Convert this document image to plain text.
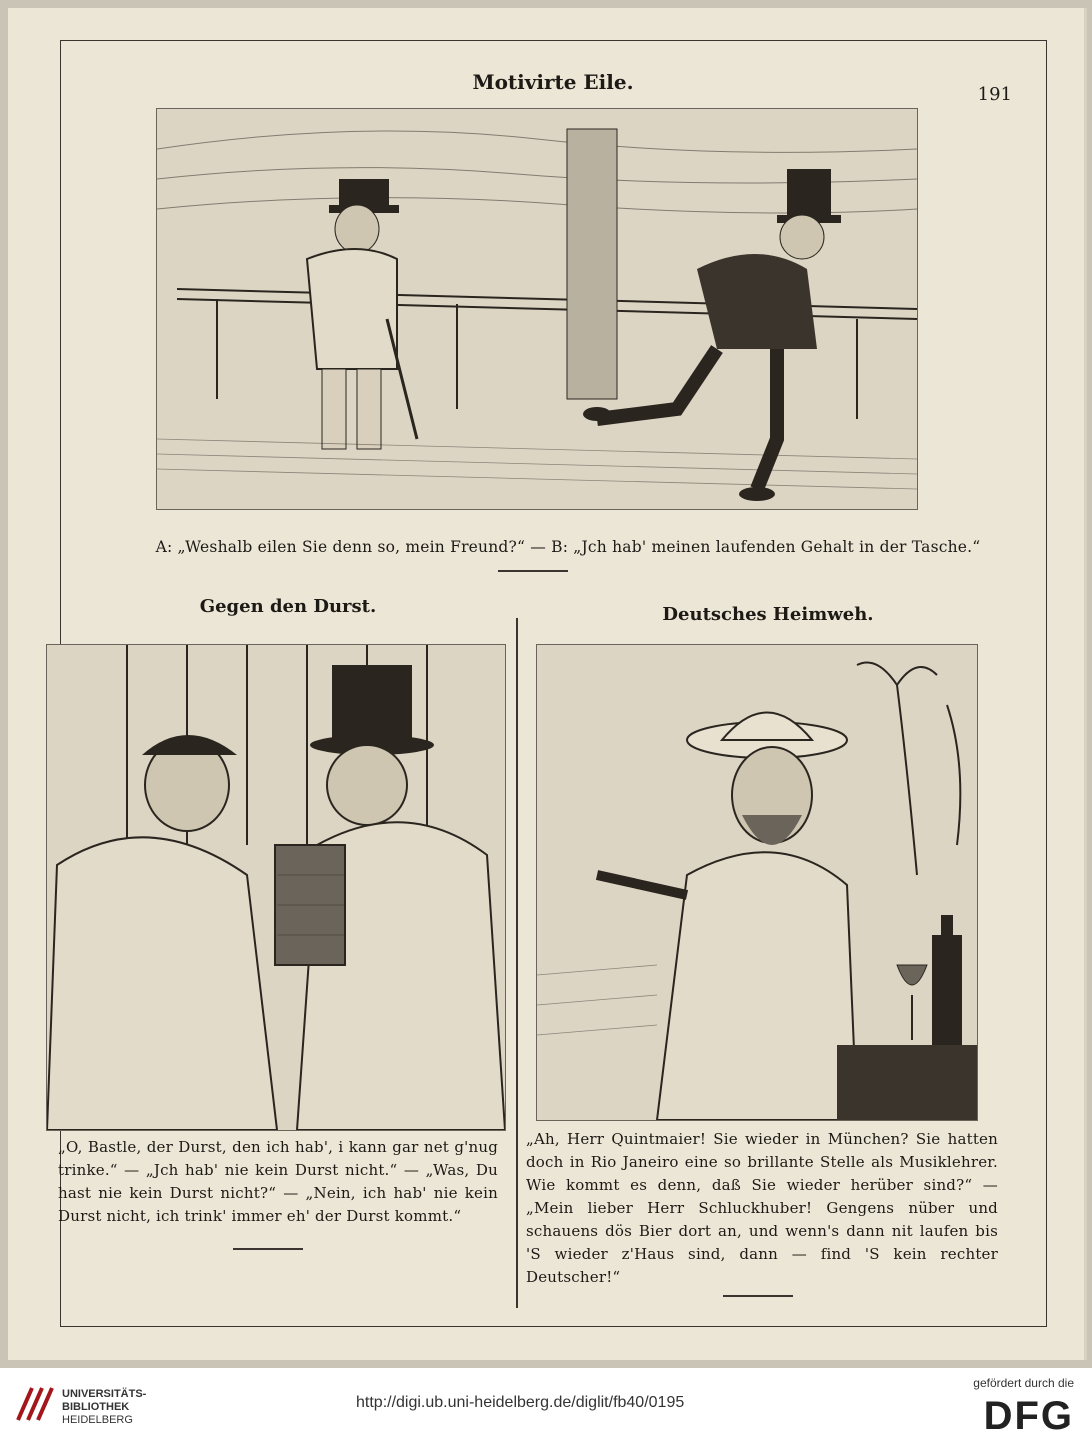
Motivirte Eile.
191
A: „Weshalb eilen Sie denn so, mein Freund?“ — B: „Jch hab' meinen laufenden Gehalt in der Tasche.“
Gegen den Durst.	Deutsches Heimweh.
„O, Bastle, der Durst, den ich hab', i kann gar net g'nug trinke.“ — „Jch hab' nie kein Durst nicht.“ — „Was, Du hast nie kein Durst nicht?“ — „Nein, ich hab' nie kein Durst nicht, ich trink' immer eh' der Durst kommt.“
„Ah, Herr Quintmaier! Sie wieder in München? Sie hatten doch in Rio Janeiro eine so brillante Stelle als Musiklehrer. Wie kommt es denn, daß Sie wieder herüber sind?“ — „Mein lieber Herr Schluckhuber! Gengens nüber und schauens dös Bier dort an, und wenn's dann nit laufen bis 'S wieder z'Haus sind, dann — find 'S kein rechter Deutscher!“
UNIVERSITÄTS-
BIBLIOTHEK
HEIDELBERG
http://digi.ub.uni-heidelberg.de/diglit/fb40/0195
gefördert durch die
DFG
